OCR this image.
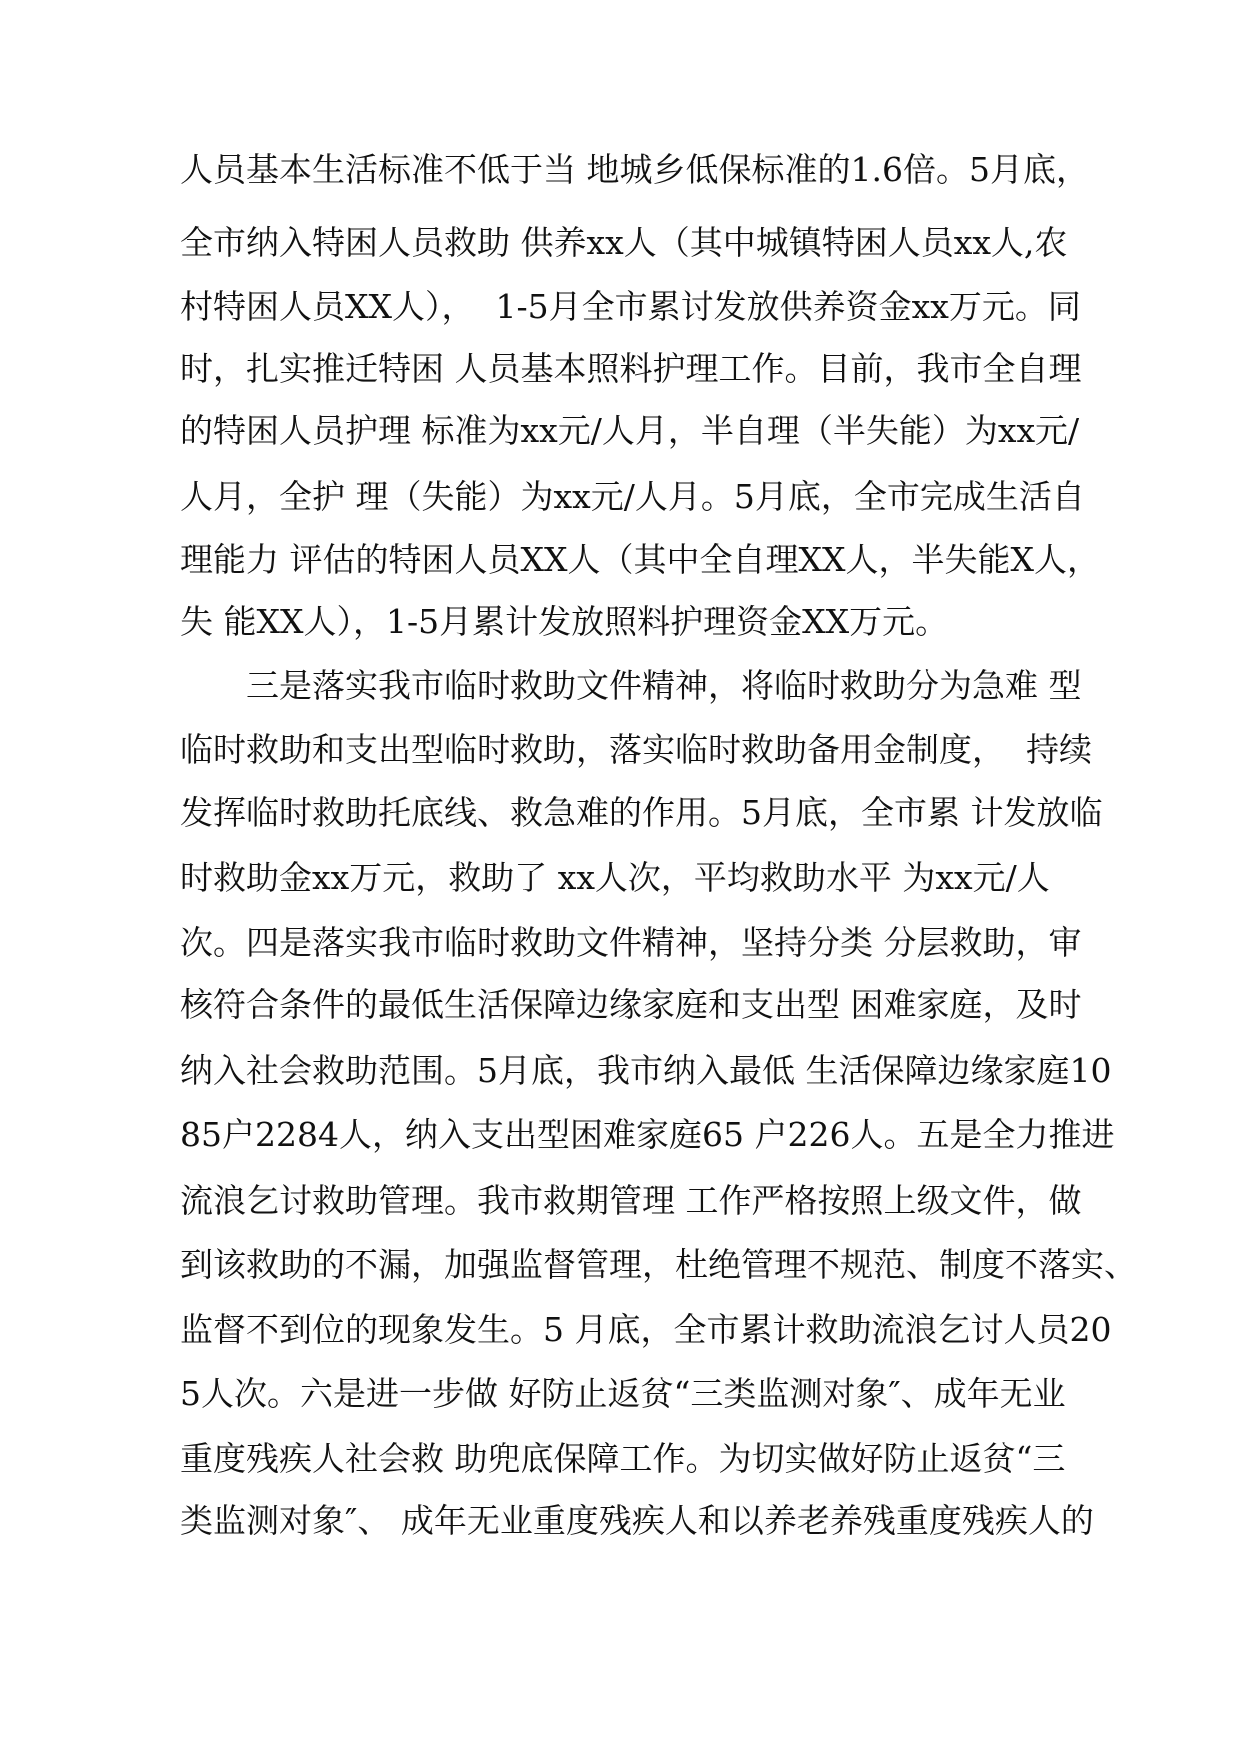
人员基本生活标准不低于当 地城乡低保标准的1.6倍。5月底，
全市纳入特困人员救助 供养xx人（其中城镇特困人员xx人,农
村特困人员XX人），  1-5月全市累讨发放供养资金xx万元。同
时，扎实推迁特困 人员基本照料护理工作。目前，我市全自理
的特困人员护理 标准为xx元/人月，半自理（半失能）为xx元/
人月，全护 理（失能）为xx元/人月。5月底，全市完成生活自
理能力 评估的特困人员XX人（其中全自理XX人，半失能X人，
失 能XX人），1-5月累计发放照料护理资金XX万元。
三是落实我市临时救助文件精神，将临时救助分为急难 型
临时救助和支出型临时救助，落实临时救助备用金制度，  持续
发挥临时救助托底线、救急难的作用。5月底，全市累 计发放临
时救助金xx万元，救助了 xx人次，平均救助水平 为xx元/人
次。四是落实我市临时救助文件精神，坚持分类 分层救助，审
核符合条件的最低生活保障边缘家庭和支出型 困难家庭，及时
纳入社会救助范围。5月底，我市纳入最低 生活保障边缘家庭10
85户2284人，纳入支出型困难家庭65 户226人。五是全力推进
流浪乞讨救助管理。我市救期管理 工作严格按照上级文件，做
到该救助的不漏，加强监督管理，杜绝管理不规范、制度不落实、
监督不到位的现象发生。5 月底，全市累计救助流浪乞讨人员20
5人次。六是进一步做 好防止返贫“三类监测对象″、成年无业
重度残疾人社会救 助兜底保障工作。为切实做好防止返贫“三
类监测对象″、 成年无业重度残疾人和以养老养残重度残疾人的
